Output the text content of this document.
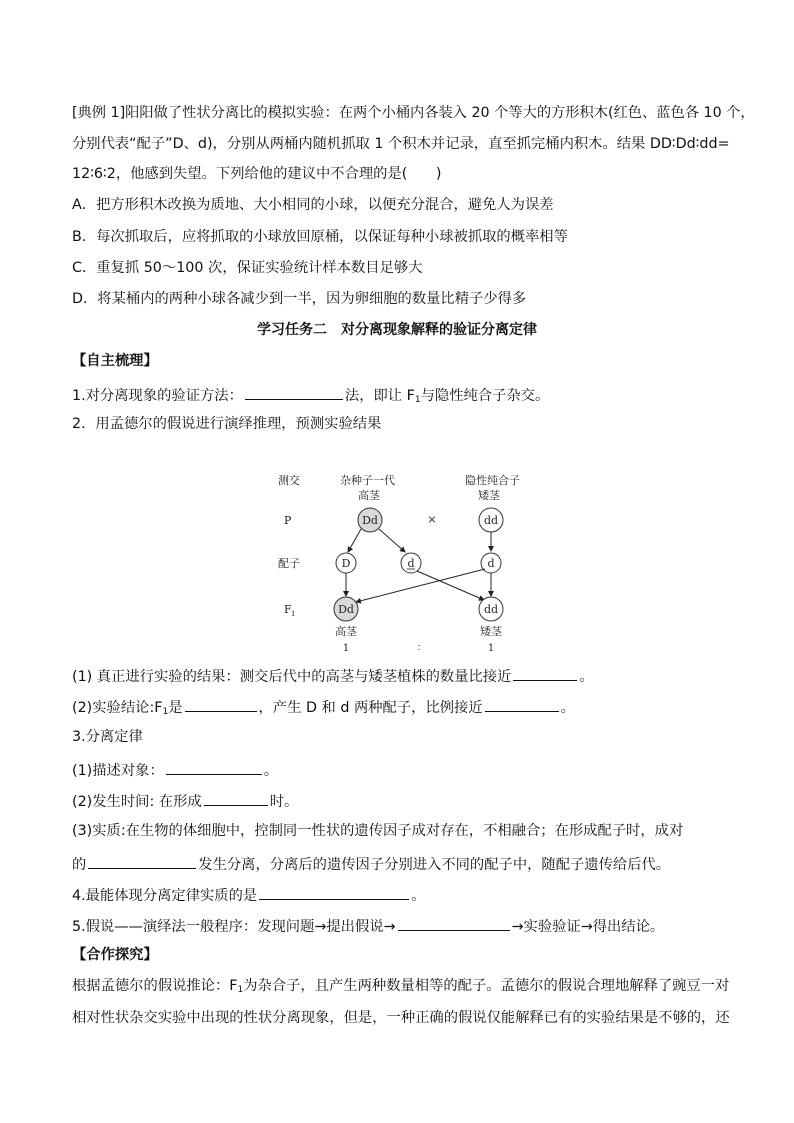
[典例 1]阳阳做了性状分离比的模拟实验：在两个小桶内各装入 20 个等大的方形积木(红色、蓝色各 10 个，
分别代表“配子”D、d)，分别从两桶内随机抓取 1 个积木并记录，直至抓完桶内积木。结果 DD∶Dd∶dd=
12∶6∶2，他感到失望。下列给他的建议中不合理的是(　　)
A．把方形积木改换为质地、大小相同的小球，以便充分混合，避免人为误差
B．每次抓取后，应将抓取的小球放回原桶，以保证每种小球被抓取的概率相等
C．重复抓 50～100 次，保证实验统计样本数目足够大
D．将某桶内的两种小球各减少到一半，因为卵细胞的数量比精子少得多
学习任务二　对分离现象解释的验证分离定律
【自主梳理】
1.对分离现象的验证方法：	法，即让 $F_1$与隐性纯合子杂交。
2．用孟德尔的假说进行演绎推理，预测实验结果
测交
P
配子
F 1
杂种子一代
高茎
隐性纯合子
矮茎
Dd	×	dd
D	d	d
Dd	dd
高茎	矮茎
1	∶	1
(1) 真正进行实验的结果：测交后代中的高茎与矮茎植株的数量比接近	。
(2)实验结论$:F_1$是	，产生 D 和 d 两种配子，比例接近	。
3.分离定律
(1)描述对象：	。
(2)发生时间: 在形成	时。
(3)实质:在生物的体细胞中，控制同一性状的遗传因子成对存在，不相融合；在形成配子时，成对
的	发生分离，分离后的遗传因子分别进入不同的配子中，随配子遗传给后代。
4.最能体现分离定律实质的是	。
5.假说——演绎法一般程序：发现问题→提出假说→	→实验验证→得出结论。
【合作探究】
根据孟德尔的假说推论：$F_1$为杂合子，且产生两种数量相等的配子。孟德尔的假说合理地解释了豌豆一对
相对性状杂交实验中出现的性状分离现象，但是，一种正确的假说仅能解释已有的实验结果是不够的，还
